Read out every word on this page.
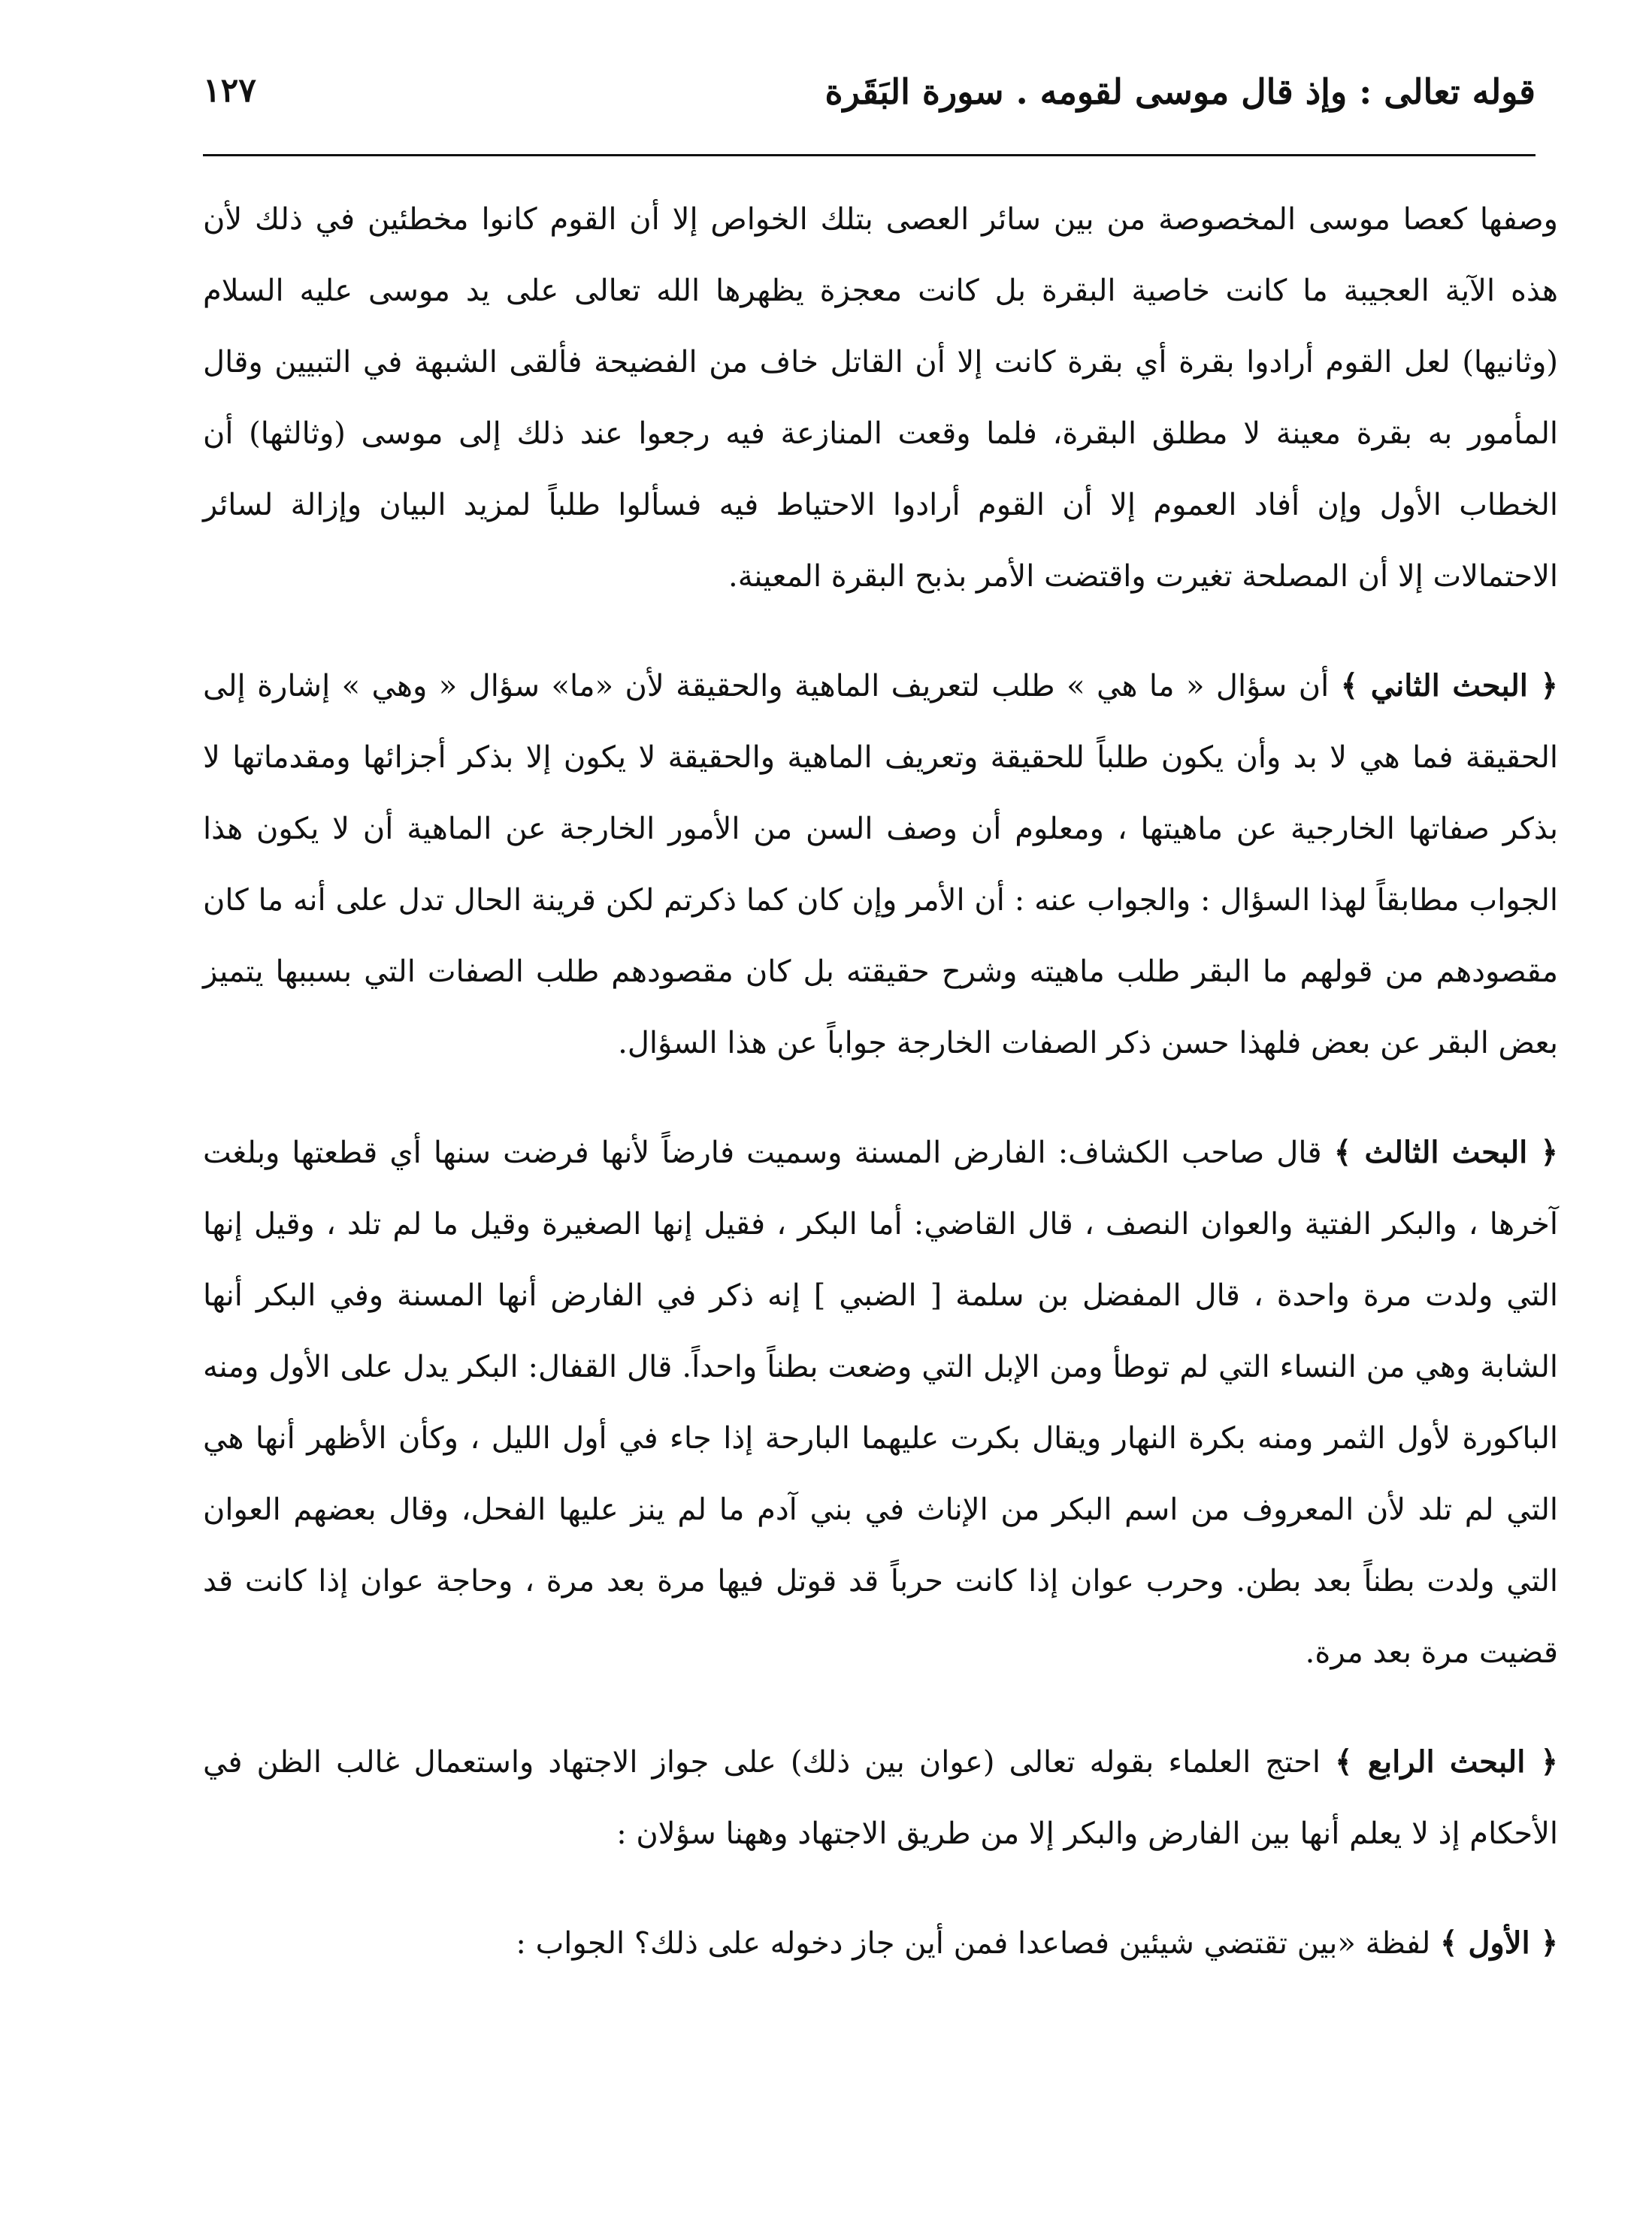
قوله تعالى : وإذ قال موسى لقومه . سورة البَقَرة
١٢٧

وصفها كعصا موسى المخصوصة من بين سائر العصى بتلك الخواص إلا أن القوم كانوا مخطئين في ذلك لأن هذه الآية العجيبة ما كانت خاصية البقرة بل كانت معجزة يظهرها الله تعالى على يد موسى عليه السلام (وثانيها) لعل القوم أرادوا بقرة أي بقرة كانت إلا أن القاتل خاف من الفضيحة فألقى الشبهة في التبيين وقال المأمور به بقرة معينة لا مطلق البقرة، فلما وقعت المنازعة فيه رجعوا عند ذلك إلى موسى (وثالثها) أن الخطاب الأول وإن أفاد العموم إلا أن القوم أرادوا الاحتياط فيه فسألوا طلباً لمزيد البيان وإزالة لسائر الاحتمالات إلا أن المصلحة تغيرت واقتضت الأمر بذبح البقرة المعينة.

﴿ البحث الثاني ﴾ أن سؤال « ما هي » طلب لتعريف الماهية والحقيقة لأن «ما» سؤال « وهي » إشارة إلى الحقيقة فما هي لا بد وأن يكون طلباً للحقيقة وتعريف الماهية والحقيقة لا يكون إلا بذكر أجزائها ومقدماتها لا بذكر صفاتها الخارجية عن ماهيتها ، ومعلوم أن وصف السن من الأمور الخارجة عن الماهية أن لا يكون هذا الجواب مطابقاً لهذا السؤال : والجواب عنه : أن الأمر وإن كان كما ذكرتم لكن قرينة الحال تدل على أنه ما كان مقصودهم من قولهم ما البقر طلب ماهيته وشرح حقيقته بل كان مقصودهم طلب الصفات التي بسببها يتميز بعض البقر عن بعض فلهذا حسن ذكر الصفات الخارجة جواباً عن هذا السؤال.

﴿ البحث الثالث ﴾ قال صاحب الكشاف: الفارض المسنة وسميت فارضاً لأنها فرضت سنها أي قطعتها وبلغت آخرها ، والبكر الفتية والعوان النصف ، قال القاضي: أما البكر ، فقيل إنها الصغيرة وقيل ما لم تلد ، وقيل إنها التي ولدت مرة واحدة ، قال المفضل بن سلمة [ الضبي ] إنه ذكر في الفارض أنها المسنة وفي البكر أنها الشابة وهي من النساء التي لم توطأ ومن الإبل التي وضعت بطناً واحداً. قال القفال: البكر يدل على الأول ومنه الباكورة لأول الثمر ومنه بكرة النهار ويقال بكرت عليهما البارحة إذا جاء في أول الليل ، وكأن الأظهر أنها هي التي لم تلد لأن المعروف من اسم البكر من الإناث في بني آدم ما لم ينز عليها الفحل، وقال بعضهم العوان التي ولدت بطناً بعد بطن. وحرب عوان إذا كانت حرباً قد قوتل فيها مرة بعد مرة ، وحاجة عوان إذا كانت قد قضيت مرة بعد مرة.

﴿ البحث الرابع ﴾ احتج العلماء بقوله تعالى (عوان بين ذلك) على جواز الاجتهاد واستعمال غالب الظن في الأحكام إذ لا يعلم أنها بين الفارض والبكر إلا من طريق الاجتهاد وههنا سؤلان :

﴿ الأول ﴾ لفظة «بين تقتضي شيئين فصاعدا فمن أين جاز دخوله على ذلك؟ الجواب :
